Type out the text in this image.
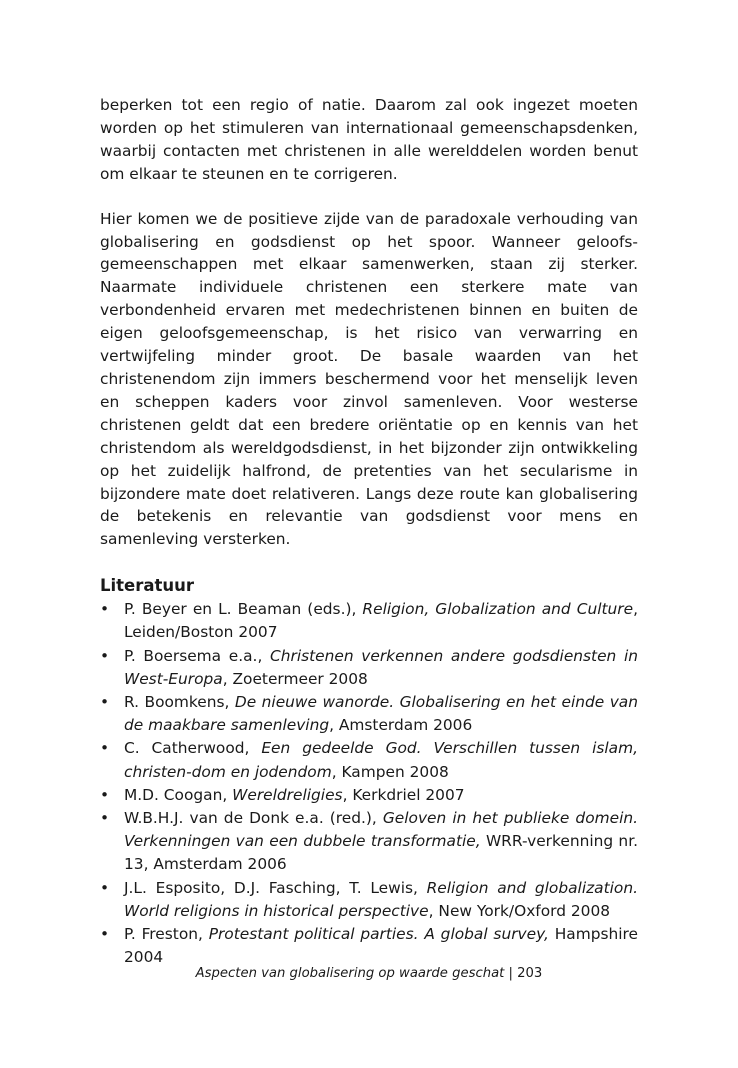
beperken tot een regio of natie. Daarom zal ook ingezet moeten worden op het stimuleren van internationaal gemeenschapsdenken, waarbij contacten met christenen in alle werelddelen worden benut om elkaar te steunen en te corrigeren.

Hier komen we de positieve zijde van de paradoxale verhouding van globalisering en godsdienst op het spoor. Wanneer geloofs-gemeenschappen met elkaar samenwerken, staan zij sterker. Naarmate individuele christenen een sterkere mate van verbondenheid ervaren met medechristenen binnen en buiten de eigen geloofsgemeenschap, is het risico van verwarring en vertwijfeling minder groot. De basale waarden van het christenendom zijn immers beschermend voor het menselijk leven en scheppen kaders voor zinvol samenleven. Voor westerse christenen geldt dat een bredere oriëntatie op en kennis van het christendom als wereldgodsdienst, in het bijzonder zijn ontwikkeling op het zuidelijk halfrond, de pretenties van het secularisme in bijzondere mate doet relativeren. Langs deze route kan globalisering de betekenis en relevantie van godsdienst voor mens en samenleving versterken.

Literatuur
• P. Beyer en L. Beaman (eds.), Religion, Globalization and Culture, Leiden/Boston 2007
• P. Boersema e.a., Christenen verkennen andere godsdiensten in West-Europa, Zoetermeer 2008
• R. Boomkens, De nieuwe wanorde. Globalisering en het einde van de maakbare samenleving, Amsterdam 2006
• C. Catherwood, Een gedeelde God. Verschillen tussen islam, christen-dom en jodendom, Kampen 2008
• M.D. Coogan, Wereldreligies, Kerkdriel 2007
• W.B.H.J. van de Donk e.a. (red.), Geloven in het publieke domein. Verkenningen van een dubbele transformatie, WRR-verkenning nr. 13, Amsterdam 2006
• J.L. Esposito, D.J. Fasching, T. Lewis, Religion and globalization. World religions in historical perspective, New York/Oxford 2008
• P. Freston, Protestant political parties. A global survey, Hampshire 2004
Aspecten van globalisering op waarde geschat | 203
